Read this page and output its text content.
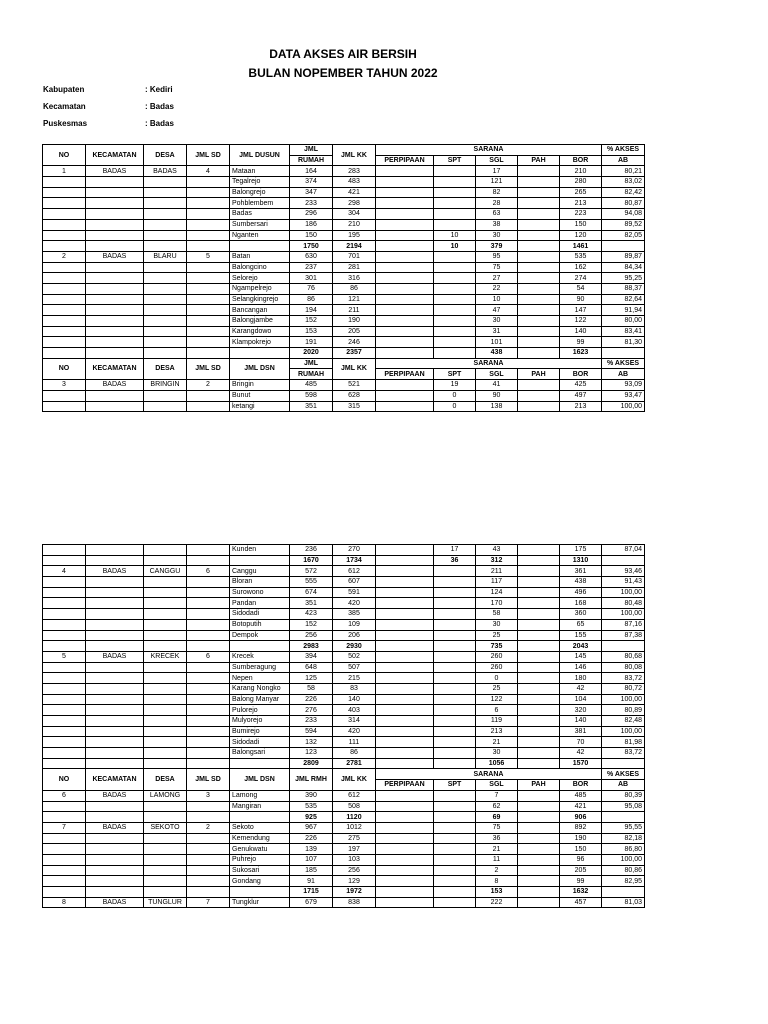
DATA AKSES AIR BERSIH
BULAN NOPEMBER TAHUN 2022
Kabupaten	: Kediri
Kecamatan	: Badas
Puskesmas	: Badas
NO	KECAMATAN	DESA	JML SD	JML DUSUN	JML	JML KK	SARANA					% AKSES
					RUMAH		PERPIPAAN	SPT	SGL	PAH	BOR	AB
1	BADAS	BADAS	4	Mataan	164	283			17		210	80,21
				Tegalrejo	374	483			121		280	83,02
				Balongrejo	347	421			82		265	82,42
				Pohblembem	233	298			28		213	80,87
				Badas	296	304			63		223	94,08
				Sumbersari	186	210			38		150	89,52
				Nganten	150	195		10	30		120	82,05
					1750	2194		10	379		1461	
2	BADAS	BLARU	5	Batan	630	701			95		535	89,87
				Balongcino	237	281			75		162	84,34
				Selorejo	301	316			27		274	95,25
				Ngampelrejo	76	86			22		54	88,37
				Selangkingrejo	86	121			10		90	82,64
				Bancangan	194	211			47		147	91,94
				Balongjambe	152	190			30		122	80,00
				Karangdowo	153	205			31		140	83,41
				Klampokrejo	191	246			101		99	81,30
					2020	2357			438		1623	
NO	KECAMATAN	DESA	JML SD	JML DSN	JML	JML KK	SARANA					% AKSES
					RUMAH		PERPIPAAN	SPT	SGL	PAH	BOR	AB
3	BADAS	BRINGIN	2	Bringin	485	521		19	41		425	93,09
				Bunut	598	628		0	90		497	93,47
				ketangi	351	315		0	138		213	100,00
				Kunden	236	270		17	43		175	87,04
					1670	1734		36	312		1310	
4	BADAS	CANGGU	6	Canggu	572	612			211		361	93,46
				Bloran	555	607			117		438	91,43
				Surowono	674	591			124		496	100,00
				Pandan	351	420			170		168	80,48
				Sidodadi	423	385			58		360	100,00
				Botoputih	152	109			30		65	87,16
				Dempok	256	206			25		155	87,38
					2983	2930			735		2043	
5	BADAS	KRECEK	6	Krecek	394	502			260		145	80,68
				Sumberagung	648	507			260		146	80,08
				Nepen	125	215			0		180	83,72
				Karang Nongko	58	83			25		42	80,72
				Balong Manyar	226	140			122		104	100,00
				Pulorejo	276	403			6		320	80,89
				Mulyorejo	233	314			119		140	82,48
				Bumirejo	594	420			213		381	100,00
				Sidodadi	132	111			21		70	81,98
				Balongsari	123	86			30		42	83,72
					2809	2781			1056		1570	
NO	KECAMATAN	DESA	JML SD	JML DSN	JML RMH	JML KK	SARANA					% AKSES
							PERPIPAAN	SPT	SGL	PAH	BOR	AB
6	BADAS	LAMONG	3	Lamong	390	612			7		485	80,39
				Mangiran	535	508			62		421	95,08
					925	1120			69		906	
7	BADAS	SEKOTO	2	Sekoto	967	1012			75		892	95,55
				Kemendung	226	275			36		190	82,18
				Genukwatu	139	197			21		150	86,80
				Puhrejo	107	103			11		96	100,00
				Sukosari	185	256			2		205	80,86
				Gondang	91	129			8		99	82,95
					1715	1972			153		1632	
8	BADAS	TUNGLUR	7	Tungklur	679	838			222		457	81,03
